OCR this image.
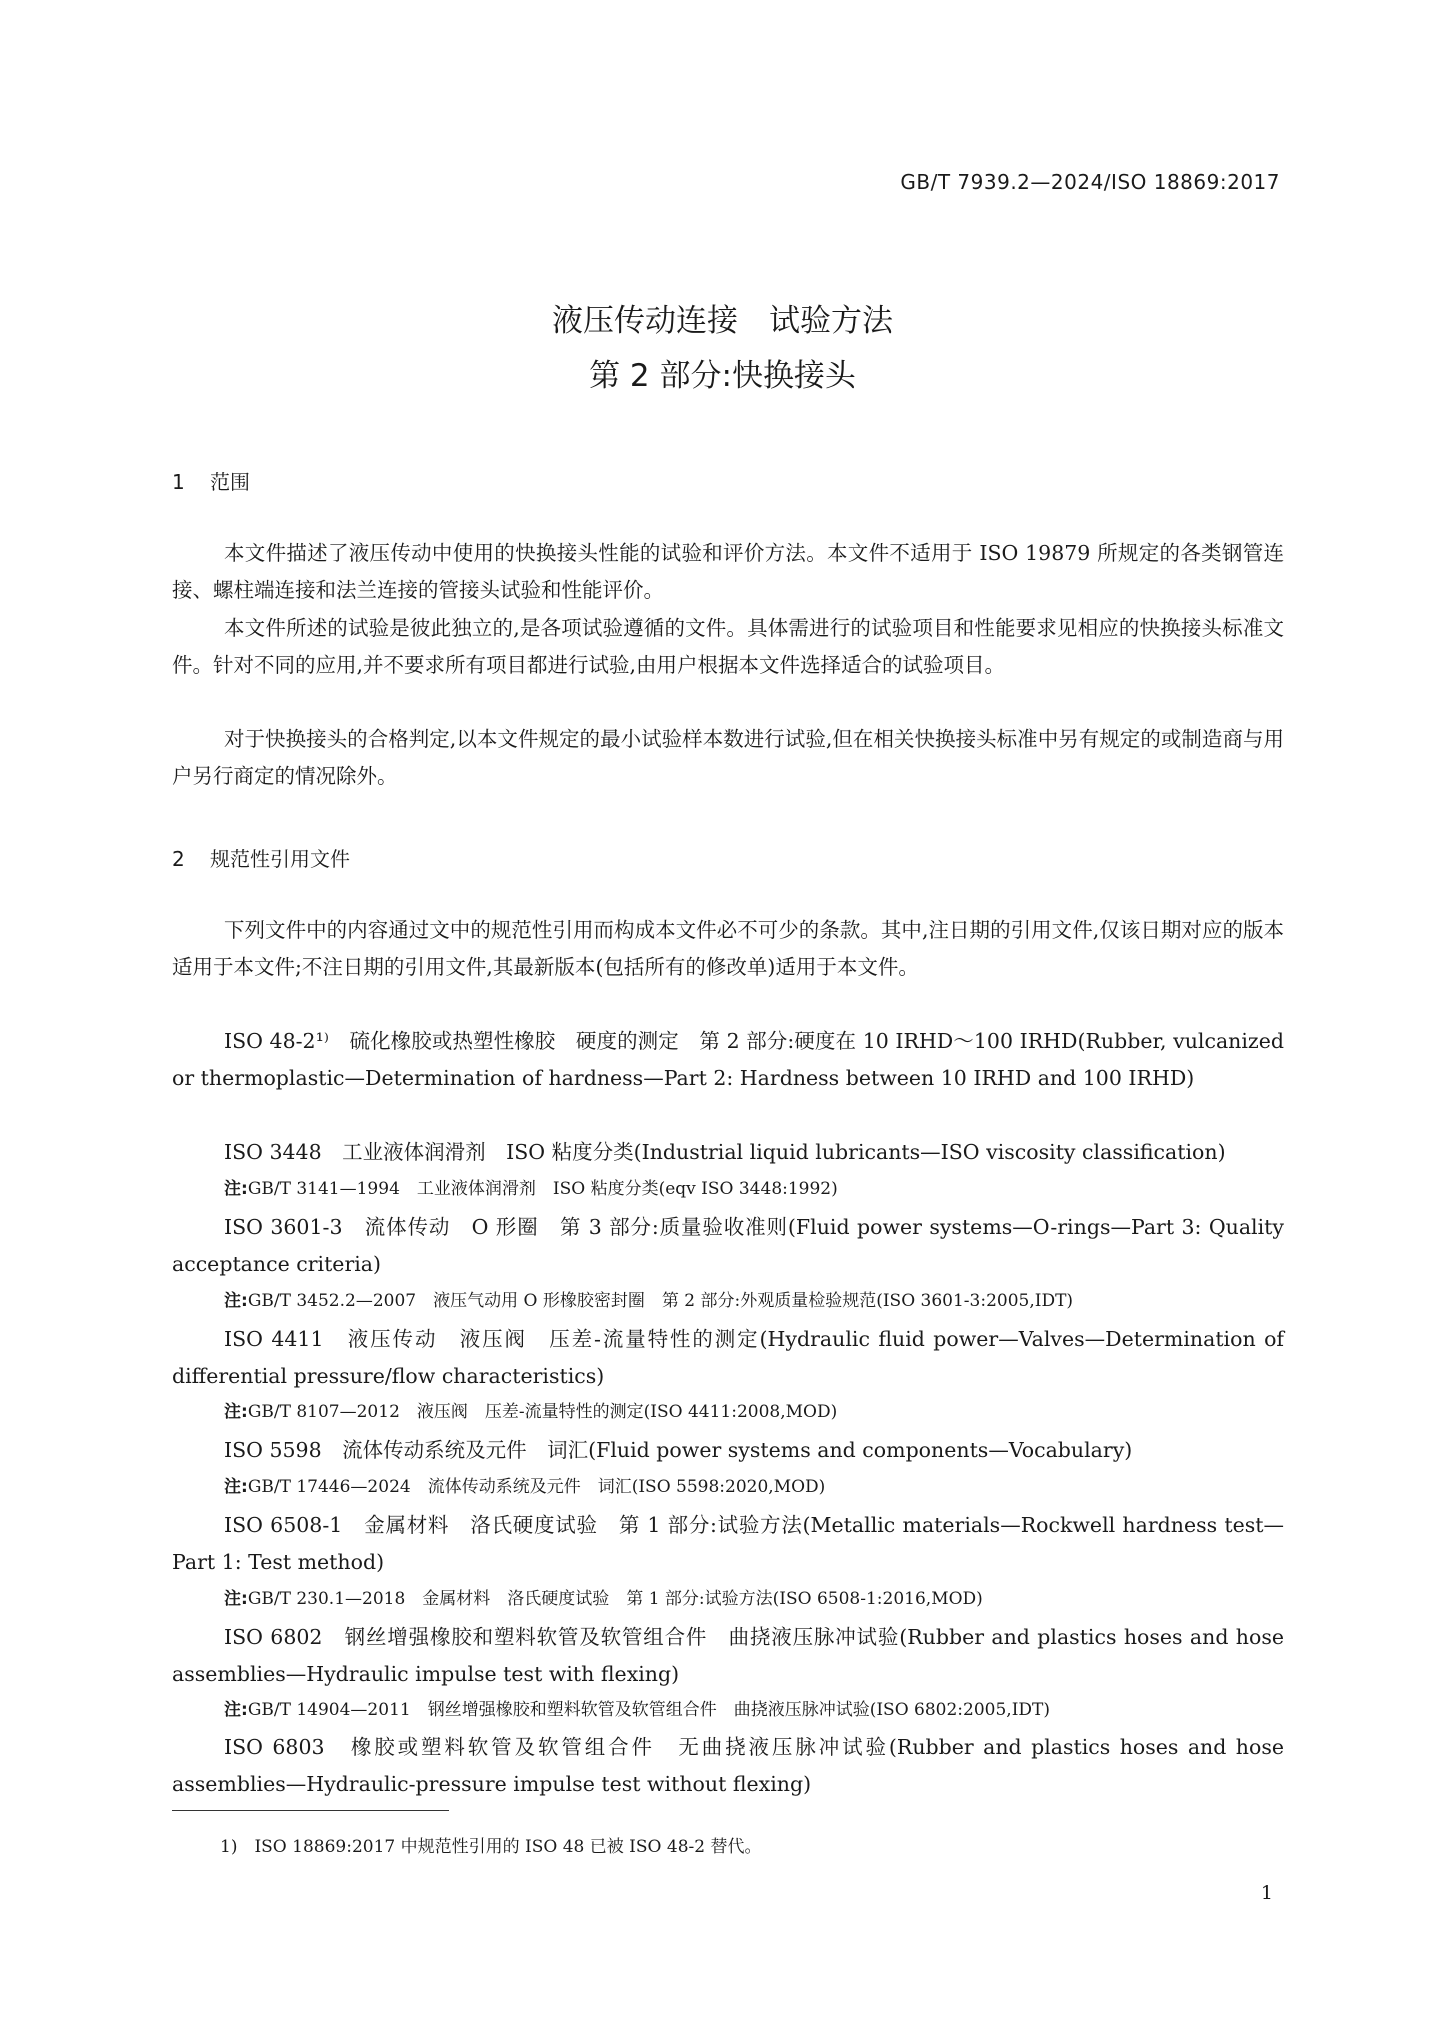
GB/T 7939.2—2024/ISO 18869:2017
液压传动连接　试验方法
第 2 部分:快换接头
1 范围

本文件描述了液压传动中使用的快换接头性能的试验和评价方法。本文件不适用于 ISO 19879 所规定的各类钢管连接、螺柱端连接和法兰连接的管接头试验和性能评价。

本文件所述的试验是彼此独立的,是各项试验遵循的文件。具体需进行的试验项目和性能要求见相应的快换接头标准文件。针对不同的应用,并不要求所有项目都进行试验,由用户根据本文件选择适合的试验项目。

对于快换接头的合格判定,以本文件规定的最小试验样本数进行试验,但在相关快换接头标准中另有规定的或制造商与用户另行商定的情况除外。

2 规范性引用文件

下列文件中的内容通过文中的规范性引用而构成本文件必不可少的条款。其中,注日期的引用文件,仅该日期对应的版本适用于本文件;不注日期的引用文件,其最新版本(包括所有的修改单)适用于本文件。

ISO 48-2¹⁾　硫化橡胶或热塑性橡胶　硬度的测定　第 2 部分:硬度在 10 IRHD～100 IRHD(Rubber, vulcanized or thermoplastic—Determination of hardness—Part 2: Hardness between 10 IRHD and 100 IRHD)

ISO 3448　工业液体润滑剂　ISO 粘度分类(Industrial liquid lubricants—ISO viscosity classification)

注:GB/T 3141—1994　工业液体润滑剂　ISO 粘度分类(eqv ISO 3448:1992)

ISO 3601-3　流体传动　O 形圈　第 3 部分:质量验收准则(Fluid power systems—O-rings—Part 3: Quality acceptance criteria)

注:GB/T 3452.2—2007　液压气动用 O 形橡胶密封圈　第 2 部分:外观质量检验规范(ISO 3601-3:2005,IDT)

ISO 4411　液压传动　液压阀　压差-流量特性的测定(Hydraulic fluid power—Valves—Determination of differential pressure/flow characteristics)

注:GB/T 8107—2012　液压阀　压差-流量特性的测定(ISO 4411:2008,MOD)

ISO 5598　流体传动系统及元件　词汇(Fluid power systems and components—Vocabulary)

注:GB/T 17446—2024　流体传动系统及元件　词汇(ISO 5598:2020,MOD)

ISO 6508-1　金属材料　洛氏硬度试验　第 1 部分:试验方法(Metallic materials—Rockwell hardness test—Part 1: Test method)

注:GB/T 230.1—2018　金属材料　洛氏硬度试验　第 1 部分:试验方法(ISO 6508-1:2016,MOD)

ISO 6802　钢丝增强橡胶和塑料软管及软管组合件　曲挠液压脉冲试验(Rubber and plastics hoses and hose assemblies—Hydraulic impulse test with flexing)

注:GB/T 14904—2011　钢丝增强橡胶和塑料软管及软管组合件　曲挠液压脉冲试验(ISO 6802:2005,IDT)

ISO 6803　橡胶或塑料软管及软管组合件　无曲挠液压脉冲试验(Rubber and plastics hoses and hose assemblies—Hydraulic-pressure impulse test without flexing)

1)　ISO 18869:2017 中规范性引用的 ISO 48 已被 ISO 48-2 替代。
1
